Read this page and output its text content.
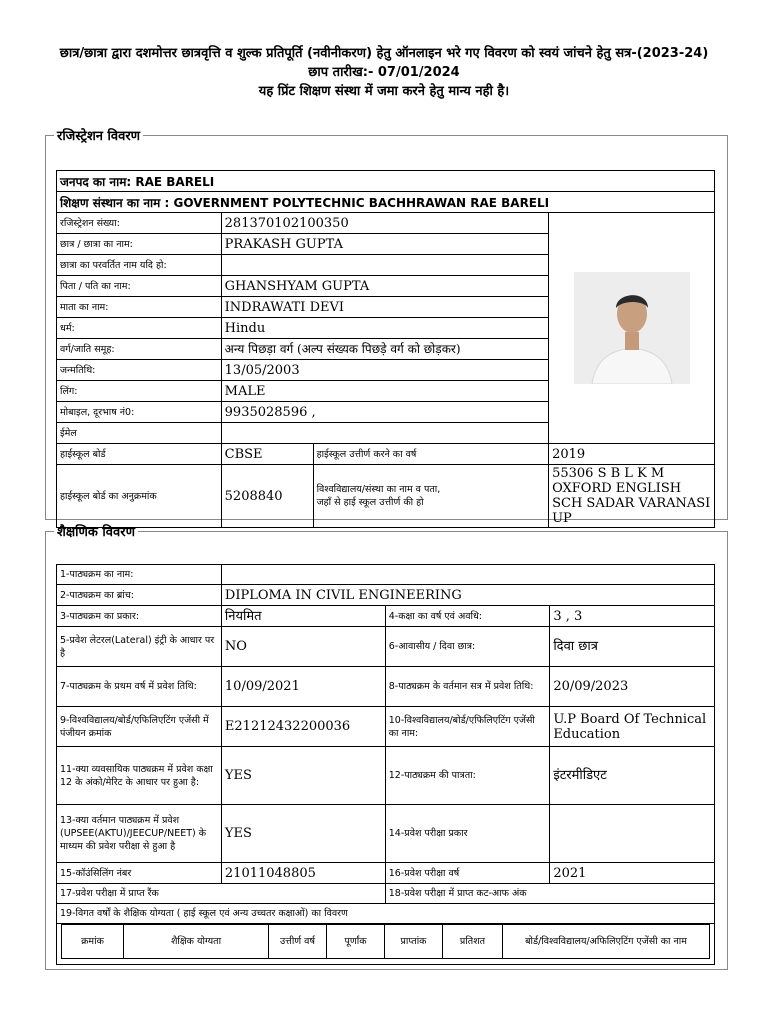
छात्र/छात्रा द्वारा दशमोत्तर छात्रवृत्ति व शुल्क प्रतिपूर्ति (नवीनीकरण) हेतु ऑनलाइन भरे गए विवरण को स्वयं जांचने हेतु सत्र-(2023-24)
छाप तारीख:- 07/01/2024
यह प्रिंट शिक्षण संस्था में जमा करने हेतु मान्य नही है।
रजिस्ट्रेशन विवरण
जनपद का नाम: RAE BARELI			
शिक्षण संस्थान का नाम : GOVERNMENT POLYTECHNIC BACHHRAWAN RAE BARELI			
रजिस्ट्रेशन संख्या:	281370102100350	

छात्र / छात्रा का नाम:	PRAKASH GUPTA		
छात्रा का परवर्तित नाम यदि हो:			
पिता / पति का नाम:	GHANSHYAM GUPTA		
माता का नाम:	INDRAWATI DEVI		
धर्म:	Hindu		
वर्ग/जाति समूह:	अन्य पिछड़ा वर्ग (अल्प संख्यक पिछड़े वर्ग को छोड़कर)		
जन्मतिथि:	13/05/2003		
लिंग:	MALE		
मोबाइल, दूरभाष नं0:	9935028596 ,		
ईमेल			
हाईस्कूल बोर्ड	CBSE	हाईस्कूल उत्तीर्ण करने का वर्ष	2019
हाईस्कूल बोर्ड का अनुक्रमांक	5208840	विश्वविद्यालय/संस्था का नाम व पता,
जहाँ से हाई स्कूल उत्तीर्ण की हो	55306 S B L K M OXFORD ENGLISH SCH SADAR VARANASI UP
शैक्षणिक विवरण
1-पाठ्यक्रम का नाम:	
2-पाठ्यक्रम का ब्रांच:	DIPLOMA IN CIVIL ENGINEERING
3-पाठ्यक्रम का प्रकार:	नियमित	4-कक्षा का वर्ष एवं अवधि:	3 , 3
5-प्रवेश लेटरल(Lateral) इंट्री के आधार पर है	NO	6-आवासीय / दिवा छात्र:	दिवा छात्र
7-पाठ्यक्रम के प्रथम वर्ष में प्रवेश तिथि:	10/09/2021	8-पाठ्यक्रम के वर्तमान सत्र में प्रवेश तिथि:	20/09/2023
9-विश्वविद्यालय/बोर्ड/एफिलिएटिंग एजेंसी में पंजीयन क्रमांक	E21212432200036	10-विश्वविद्यालय/बोर्ड/एफिलिएटिंग एजेंसी का नाम:	U.P Board Of Technical Education
11-क्या व्यवसायिक पाठ्यक्रम में प्रवेश कक्षा 12 के अंको/मेरिट के आधार पर हुआ है:	YES	12-पाठ्यक्रम की पात्रता:	इंटरमीडिएट
13-क्या वर्तमान पाठ्यक्रम में प्रवेश (UPSEE(AKTU)/JEECUP/NEET) के माध्यम की प्रवेश परीक्षा से हुआ है	YES	14-प्रवेश परीक्षा प्रकार	
15-कॉउंसिलिंग नंबर	21011048805	16-प्रवेश परीक्षा वर्ष	2021
17-प्रवेश परीक्षा में प्राप्त रैंक	18-प्रवेश परीक्षा में प्राप्त कट-आफ अंक
19-विगत वर्षों के शैक्षिक योग्यता ( हाई स्कूल एवं अन्य उच्चतर कक्षाओं) का विवरण

क्रमांक	शैक्षिक योग्यता	उत्तीर्ण वर्ष	पूर्णांक	प्राप्तांक	प्रतिशत	बोर्ड/विश्वविद्यालय/अफिलिएटिंग एजेंसी का नाम
